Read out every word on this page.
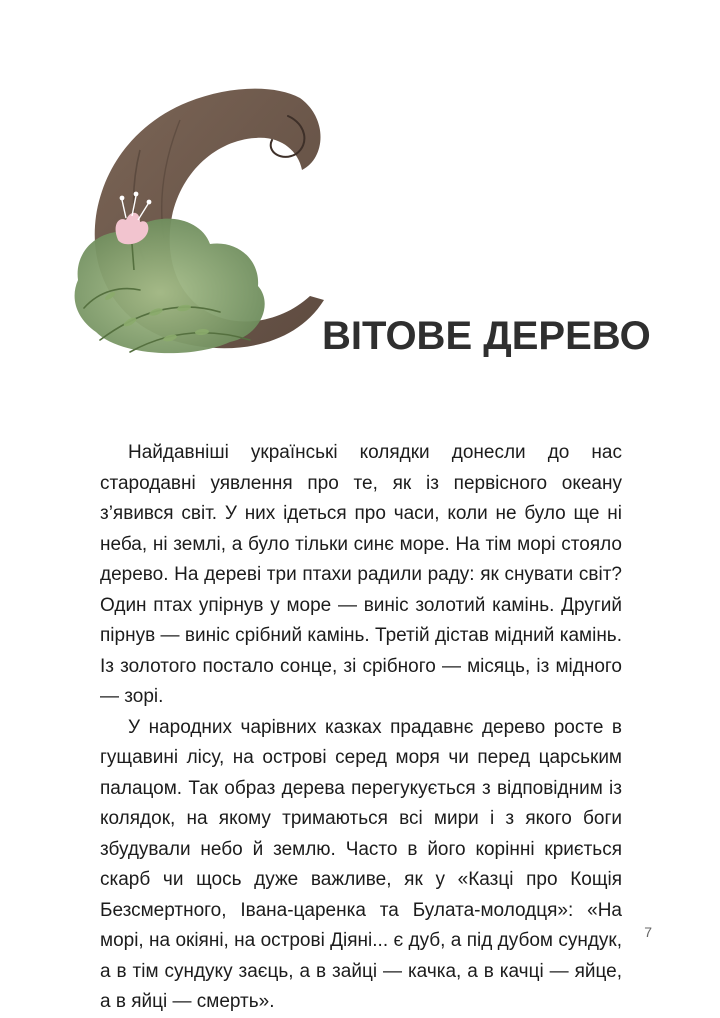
ВІТОВЕ ДЕРЕВО

Найдавніші українські колядки донесли до нас стародавні уявлення про те, як із первісного океану з’явився світ. У них ідеться про часи, коли не було ще ні неба, ні землі, а було тільки синє море. На тім морі стояло дерево. На дереві три птахи радили раду: як снувати світ? Один птах упірнув у море — виніс золотий камінь. Другий пірнув — виніс срібний камінь. Третій дістав мідний камінь. Із золотого постало сонце, зі срібного — місяць, із мідного — зорі.

У народних чарівних казках прадавнє дерево росте в гущавині лісу, на острові серед моря чи перед царським палацом. Так образ дерева перегукується з відповідним із колядок, на якому тримаються всі мири і з якого боги збудували небо й землю. Часто в його корінні криється скарб чи щось дуже важливе, як у «Казці про Кощія Безсмертного, Івана-царенка та Булата-молодця»: «На морі, на окіяні, на острові Діяні... є дуб, а під дубом сундук, а в тім сундуку заєць, а в зайці — качка, а в качці — яйце, а в яйці — смерть».

7
